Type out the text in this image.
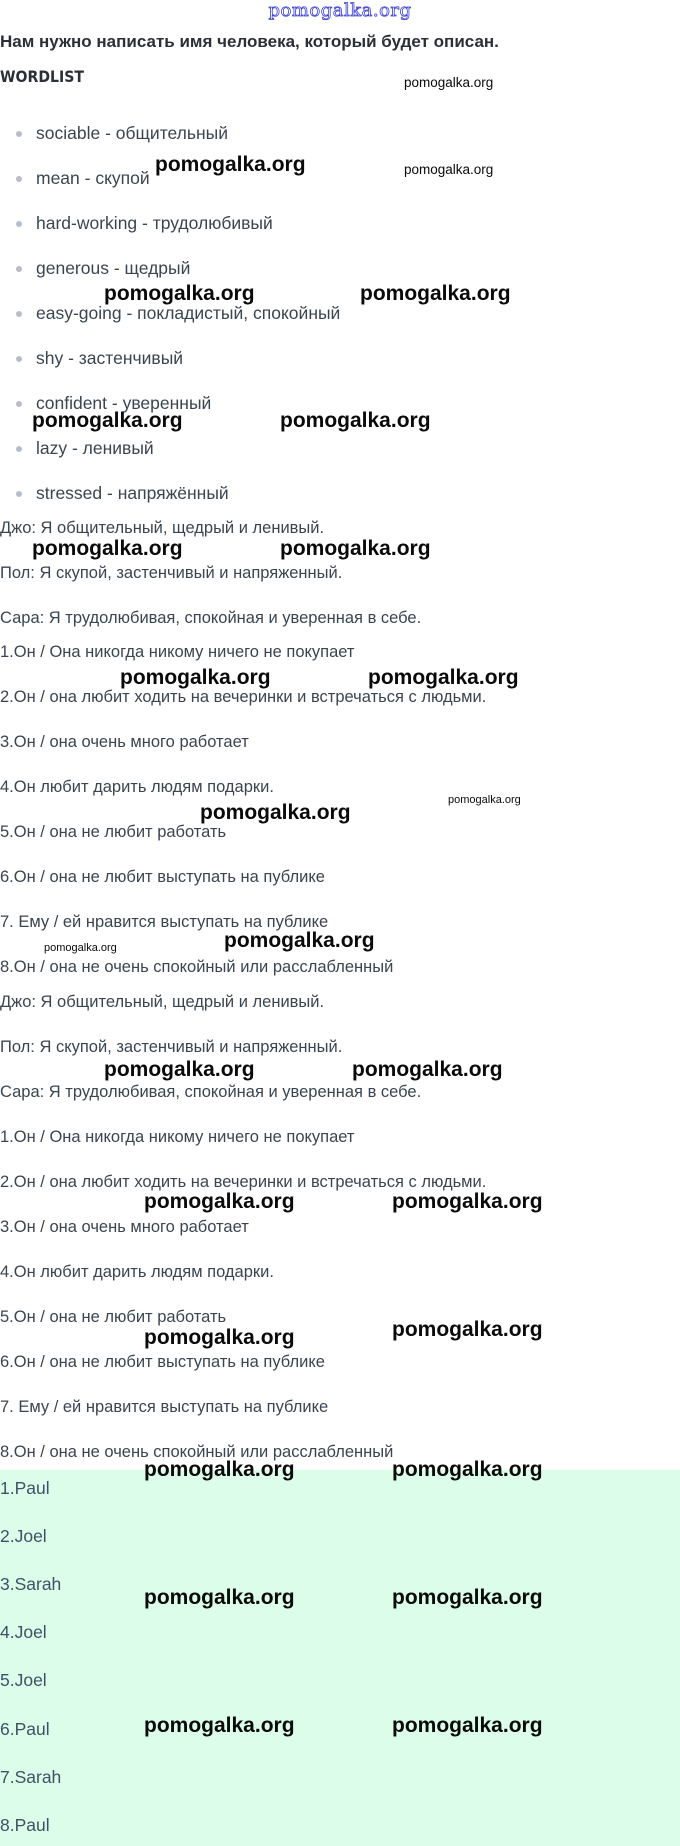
pomogalka.org
Нам нужно написать имя человека, который будет описан.
WORDLIST
sociable - общительный
mean - скупой
hard-working - трудолюбивый
generous - щедрый
easy-going - покладистый, спокойный
shy - застенчивый
confident - уверенный
lazy - ленивый
stressed - напряжённый
Джо: Я общительный, щедрый и ленивый.
Пол: Я скупой, застенчивый и напряженный.
Сара: Я трудолюбивая, спокойная и уверенная в себе.
1.Он / Она никогда никому ничего не покупает
2.Он / она любит ходить на вечеринки и встречаться с людьми.
3.Он / она очень много работает
4.Он любит дарить людям подарки.
5.Он / она не любит работать
6.Он / она не любит выступать на публике
7. Ему / ей нравится выступать на публике
8.Он / она не очень спокойный или расслабленный
Джо: Я общительный, щедрый и ленивый.
Пол: Я скупой, застенчивый и напряженный.
Сара: Я трудолюбивая, спокойная и уверенная в себе.
1.Он / Она никогда никому ничего не покупает
2.Он / она любит ходить на вечеринки и встречаться с людьми.
3.Он / она очень много работает
4.Он любит дарить людям подарки.
5.Он / она не любит работать
6.Он / она не любит выступать на публике
7. Ему / ей нравится выступать на публике
8.Он / она не очень спокойный или расслабленный
1.Paul
2.Joel
3.Sarah
4.Joel
5.Joel
6.Paul
7.Sarah
8.Paul
pomogalka.org
pomogalka.org	pomogalka.org
pomogalka.org	pomogalka.org
pomogalka.org	pomogalka.org
pomogalka.org	pomogalka.org
pomogalka.org	pomogalka.org
pomogalka.org
pomogalka.org
pomogalka.org	pomogalka.org
pomogalka.org	pomogalka.org
pomogalka.org	pomogalka.org
pomogalka.org	pomogalka.org
pomogalka.org	pomogalka.org
pomogalka.org	pomogalka.org
pomogalka.org	pomogalka.org
